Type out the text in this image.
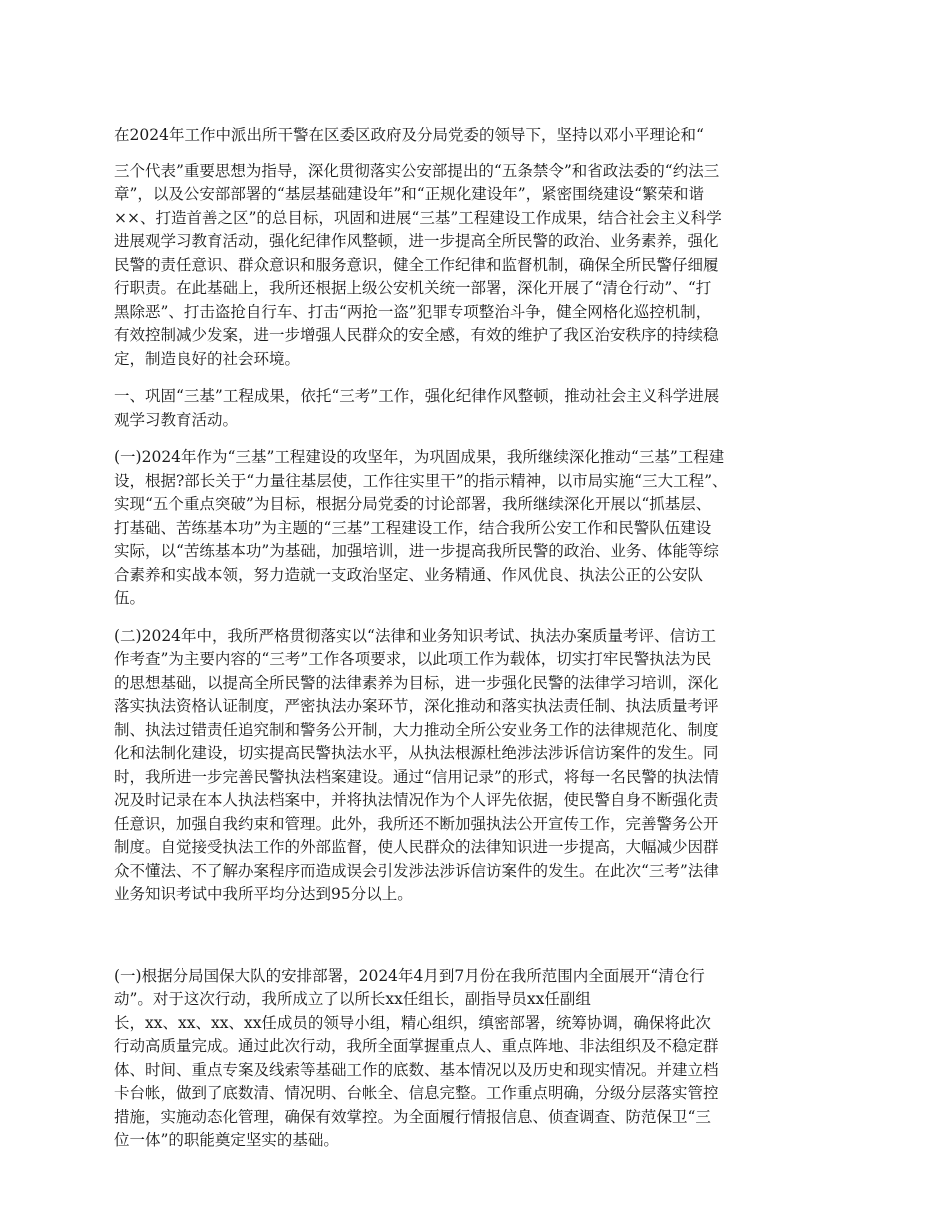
在2024年工作中派出所干警在区委区政府及分局党委的领导下，坚持以邓小平理论和“

三个代表”重要思想为指导，深化贯彻落实公安部提出的“五条禁令”和省政法委的“约法三
章”，以及公安部部署的“基层基础建设年”和“正规化建设年”，紧密围绕建设“繁荣和谐
××、打造首善之区”的总目标，巩固和进展“三基”工程建设工作成果，结合社会主义科学
进展观学习教育活动，强化纪律作风整顿，进一步提高全所民警的政治、业务素养，强化
民警的责任意识、群众意识和服务意识，健全工作纪律和监督机制，确保全所民警仔细履
行职责。在此基础上，我所还根据上级公安机关统一部署，深化开展了“清仓行动”、“打
黑除恶”、打击盗抢自行车、打击“两抢一盗”犯罪专项整治斗争，健全网格化巡控机制，
有效控制减少发案，进一步增强人民群众的安全感，有效的维护了我区治安秩序的持续稳
定，制造良好的社会环境。

一、巩固“三基”工程成果，依托“三考”工作，强化纪律作风整顿，推动社会主义科学进展
观学习教育活动。

(一)2024年作为“三基”工程建设的攻坚年，为巩固成果，我所继续深化推动“三基”工程建
设，根据?部长关于“力量往基层使，工作往实里干”的指示精神，以市局实施“三大工程”、
实现“五个重点突破”为目标，根据分局党委的讨论部署，我所继续深化开展以“抓基层、
打基础、苦练基本功”为主题的“三基”工程建设工作，结合我所公安工作和民警队伍建设
实际，以“苦练基本功”为基础，加强培训，进一步提高我所民警的政治、业务、体能等综
合素养和实战本领，努力造就一支政治坚定、业务精通、作风优良、执法公正的公安队
伍。

(二)2024年中，我所严格贯彻落实以“法律和业务知识考试、执法办案质量考评、信访工
作考查”为主要内容的“三考”工作各项要求，以此项工作为载体，切实打牢民警执法为民
的思想基础，以提高全所民警的法律素养为目标，进一步强化民警的法律学习培训，深化
落实执法资格认证制度，严密执法办案环节，深化推动和落实执法责任制、执法质量考评
制、执法过错责任追究制和警务公开制，大力推动全所公安业务工作的法律规范化、制度
化和法制化建设，切实提高民警执法水平，从执法根源杜绝涉法涉诉信访案件的发生。同
时，我所进一步完善民警执法档案建设。通过“信用记录”的形式，将每一名民警的执法情
况及时记录在本人执法档案中，并将执法情况作为个人评先依据，使民警自身不断强化责
任意识，加强自我约束和管理。此外，我所还不断加强执法公开宣传工作，完善警务公开
制度。自觉接受执法工作的外部监督，使人民群众的法律知识进一步提高，大幅减少因群
众不懂法、不了解办案程序而造成误会引发涉法涉诉信访案件的发生。在此次“三考”法律
业务知识考试中我所平均分达到95分以上。

(一)根据分局国保大队的安排部署，2024年4月到7月份在我所范围内全面展开“清仓行
动”。对于这次行动，我所成立了以所长xx任组长，副指导员xx任副组
长，xx、xx、xx、xx任成员的领导小组，精心组织，缜密部署，统筹协调，确保将此次
行动高质量完成。通过此次行动，我所全面掌握重点人、重点阵地、非法组织及不稳定群
体、时间、重点专案及线索等基础工作的底数、基本情况以及历史和现实情况。并建立档
卡台帐，做到了底数清、情况明、台帐全、信息完整。工作重点明确，分级分层落实管控
措施，实施动态化管理，确保有效掌控。为全面履行情报信息、侦查调查、防范保卫“三
位一体”的职能奠定坚实的基础。
